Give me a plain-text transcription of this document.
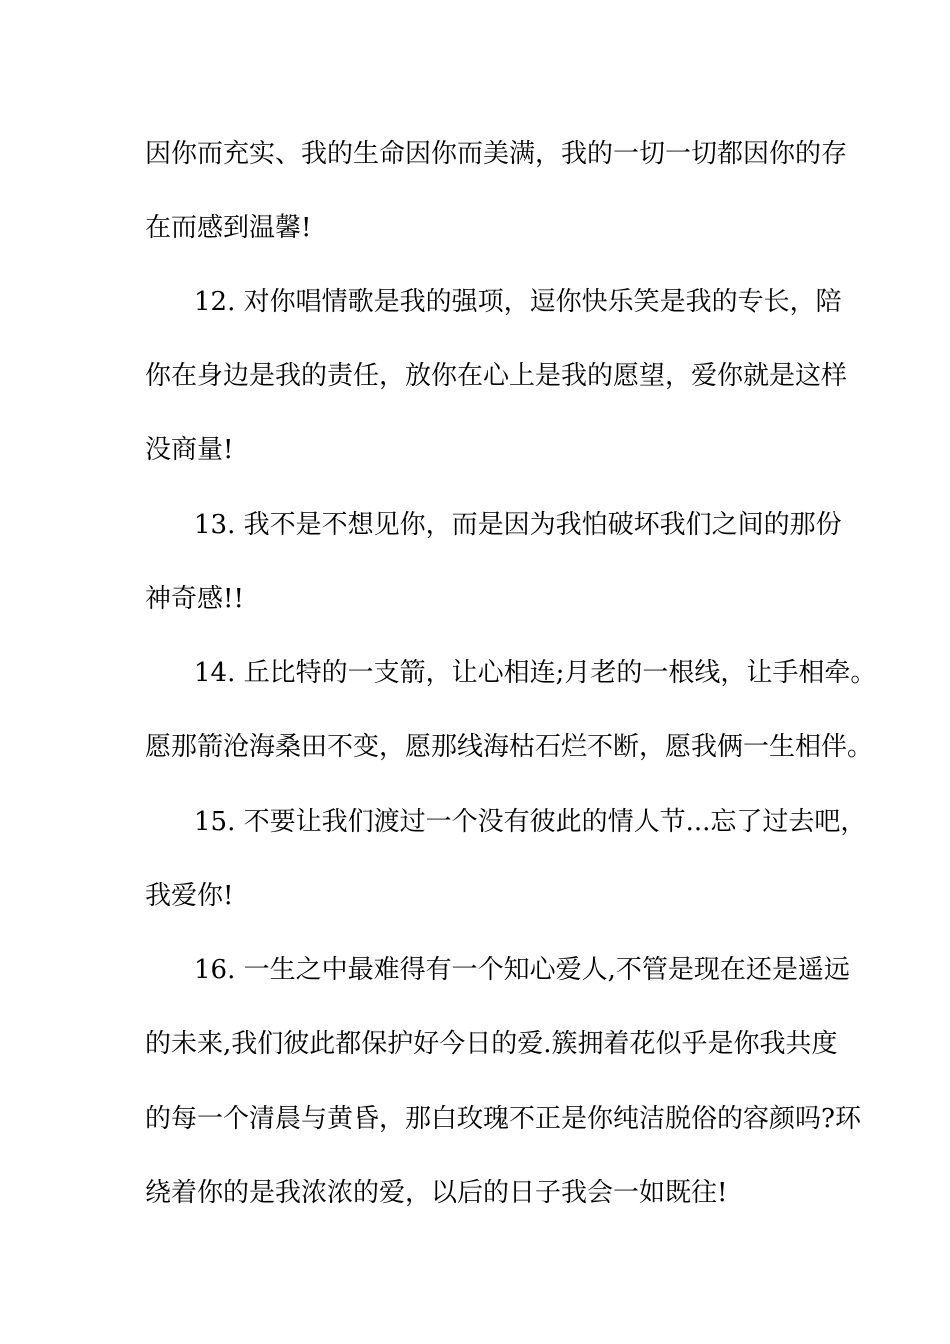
因你而充实、我的生命因你而美满，我的一切一切都因你的存

在而感到温馨!

12. 对你唱情歌是我的强项，逗你快乐笑是我的专长，陪

你在身边是我的责任，放你在心上是我的愿望，爱你就是这样

没商量!

13. 我不是不想见你，而是因为我怕破坏我们之间的那份

神奇感!!

14. 丘比特的一支箭，让心相连;月老的一根线，让手相牵。

愿那箭沧海桑田不变，愿那线海枯石烂不断，愿我俩一生相伴。

15. 不要让我们渡过一个没有彼此的情人节...忘了过去吧，

我爱你!

16. 一生之中最难得有一个知心爱人,不管是现在还是遥远

的未来,我们彼此都保护好今日的爱.簇拥着花似乎是你我共度

的每一个清晨与黄昏，那白玫瑰不正是你纯洁脱俗的容颜吗?环

绕着你的是我浓浓的爱，以后的日子我会一如既往!
